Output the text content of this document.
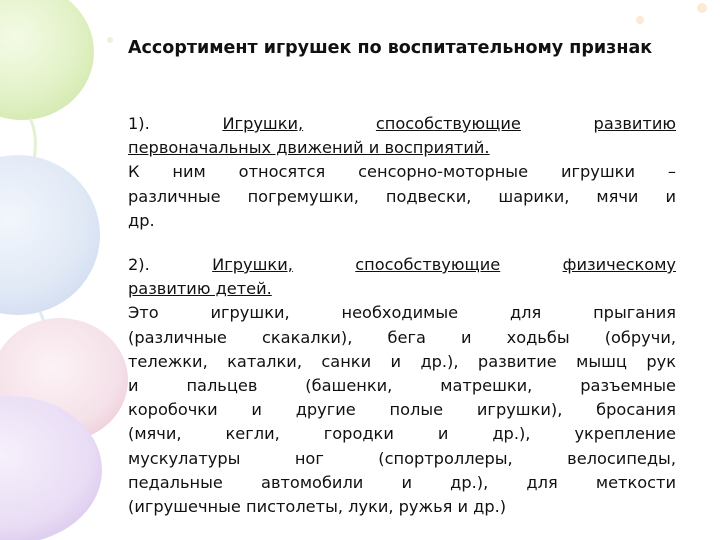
Ассортимент игрушек по воспитательному признак
1).	Игрушки,	способствующие	развитию
первоначальных движений и восприятий.
К ним относятся сенсорно-моторные игрушки –
различные погремушки, подвески, шарики, мячи и
др.
2).	Игрушки,	способствующие	физическому
развитию детей.
Это игрушки, необходимые для прыгания
(различные скакалки), бега и ходьбы (обручи,
тележки, каталки, санки и др.), развитие мышц рук
и пальцев (башенки, матрешки, разъемные
коробочки и другие полые игрушки), бросания
(мячи, кегли, городки и др.), укрепление
мускулатуры ног (спортроллеры, велосипеды,
педальные автомобили и др.), для меткости
(игрушечные пистолеты, луки, ружья и др.)
